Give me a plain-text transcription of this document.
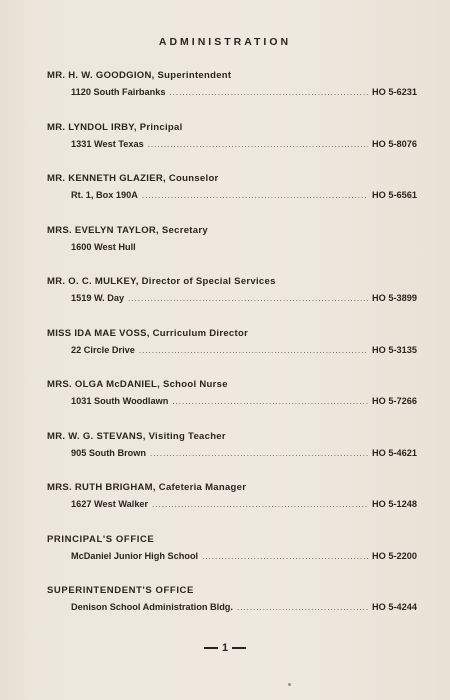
ADMINISTRATION
MR. H. W. GOODGION, Superintendent
1120 South Fairbanks .....	HO 5-6231
MR. LYNDOL IRBY, Principal
1331 West Texas .....	HO 5-8076
MR. KENNETH GLAZIER, Counselor
Rt. 1, Box 190A .....	HO 5-6561
MRS. EVELYN TAYLOR, Secretary
1600 West Hull
MR. O. C. MULKEY, Director of Special Services
1519 W. Day .....	HO 5-3899
MISS IDA MAE VOSS, Curriculum Director
22 Circle Drive .....	HO 5-3135
MRS. OLGA McDANIEL, School Nurse
1031 South Woodlawn .....	HO 5-7266
MR. W. G. STEVANS, Visiting Teacher
905 South Brown .....	HO 5-4621
MRS. RUTH BRIGHAM, Cafeteria Manager
1627 West Walker .....	HO 5-1248
PRINCIPAL'S OFFICE
McDaniel Junior High School .....	HO 5-2200
SUPERINTENDENT'S OFFICE
Denison School Administration Bldg. .....	HO 5-4244
1
